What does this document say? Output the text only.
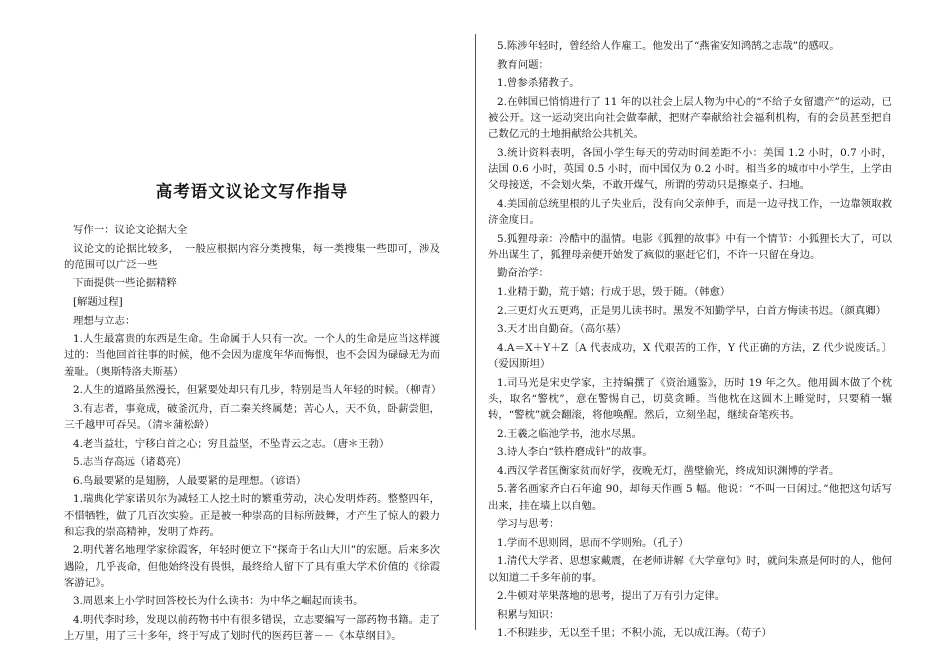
高考语文议论文写作指导

写作一：议论文论据大全

议论文的论据比较多，　一般应根据内容分类搜集，每一类搜集一些即可，涉及的范围可以广泛一些

下面提供一些论据精粹

[解题过程]

理想与立志：

1.人生最富贵的东西是生命。生命属于人只有一次。一个人的生命是应当这样渡过的：当他回首往事的时候，他不会因为虚度年华而悔恨，也不会因为碌碌无为而羞耻。（奥斯特洛夫斯基）

2.人生的道路虽然漫长，但紧要处却只有几步，特别是当人年轻的时候。（柳青）

3.有志者，事竟成，破釜沉舟，百二秦关终属楚；苦心人，天不负，卧薪尝胆，三千越甲可吞吴。（清＊蒲松龄）

4.老当益壮，宁移白首之心；穷且益坚，不坠青云之志。（唐＊王勃）

5.志当存高远（诸葛亮）

6.鸟最要紧的是翅膀，人最要紧的是理想。（谚语）

1.瑞典化学家诺贝尔为减轻工人挖土时的繁重劳动，决心发明炸药。整整四年，不惜牺牲，做了几百次实验。正是被一种崇高的目标所鼓舞，才产生了惊人的毅力和忘我的崇高精神，发明了炸药。

2.明代著名地理学家徐霞客，年轻时便立下“探奇于名山大川”的宏愿。后来多次遇险，几乎丧命，但他始终没有畏惧，最终给人留下了具有重大学术价值的《徐霞客游记》。

3.周恩来上小学时回答校长为什么读书：为中华之崛起而读书。

4.明代李时珍，发现以前药物书中有很多错误，立志要编写一部药物书籍。走了上万里，用了三十多年，终于写成了划时代的医药巨著－－《本草纲目》。

5.陈涉年轻时，曾经给人作雇工。他发出了“燕雀安知鸿鹄之志哉”的感叹。

教育问题：

1.曾参杀猪教子。

2.在韩国已悄悄进行了 11 年的以社会上层人物为中心的“不给子女留遗产”的运动，已被公开。这一运动突出向社会做奉献，把财产奉献给社会福利机构，有的会员甚至把自己数亿元的土地捐献给公共机关。

3.统计资料表明，各国小学生每天的劳动时间差距不小：美国 1.2 小时，0.7 小时，法国 0.6 小时，英国 0.5 小时，而中国仅为 0.2 小时。相当多的城市中小学生，上学由父母接送，不会划火柴，不敢开煤气，所谓的劳动只是擦桌子、扫地。

4.美国前总统里根的儿子失业后，没有向父亲伸手，而是一边寻找工作，一边靠领取救济金度日。

5.狐狸母亲：冷酷中的温情。电影《狐狸的故事》中有一个情节：小狐狸长大了，可以外出谋生了，狐狸母亲便开始发了疯似的驱赶它们，不许一只留在身边。

勤奋治学：

1.业精于勤，荒于嬉；行成于思，毁于随。（韩愈）

2.三更灯火五更鸡，正是男儿读书时。黑发不知勤学早，白首方悔读书迟。（颜真卿）

3.天才出自勤奋。（高尔基）

4.A＝X＋Y＋Z〔A 代表成功，X 代艰苦的工作，Y 代正确的方法，Z 代少说废话。〕（爱因斯坦）

1.司马光是宋史学家，主持编撰了《资治通鉴》，历时 19 年之久。他用圆木做了个枕头，取名“警枕”，意在警惕自己，切莫贪睡。当他枕在这圆木上睡觉时，只要稍一辗转，“警枕”就会翻滚，将他唤醒。然后，立刻坐起，继续奋笔疾书。

2.王羲之临池学书，池水尽黑。

3.诗人李白“铁杵磨成针”的故事。

4.西汉学者匡衡家贫而好学，夜晚无灯，凿壁偷光，终成知识渊博的学者。

5.著名画家齐白石年逾 90，却每天作画 5 幅。他说：“不叫一日闲过。”他把这句话写出来，挂在墙上以自勉。

学习与思考：

1.学而不思则罔，思而不学则殆。（孔子）

1.清代大学者、思想家戴震，在老师讲解《大学章句》时，就问朱熹是何时的人，他何以知道二千多年前的事。

2.牛顿对苹果落地的思考，提出了万有引力定律。

积累与知识：

1.不积跬步，无以至千里；不积小流，无以成江海。（荀子）
